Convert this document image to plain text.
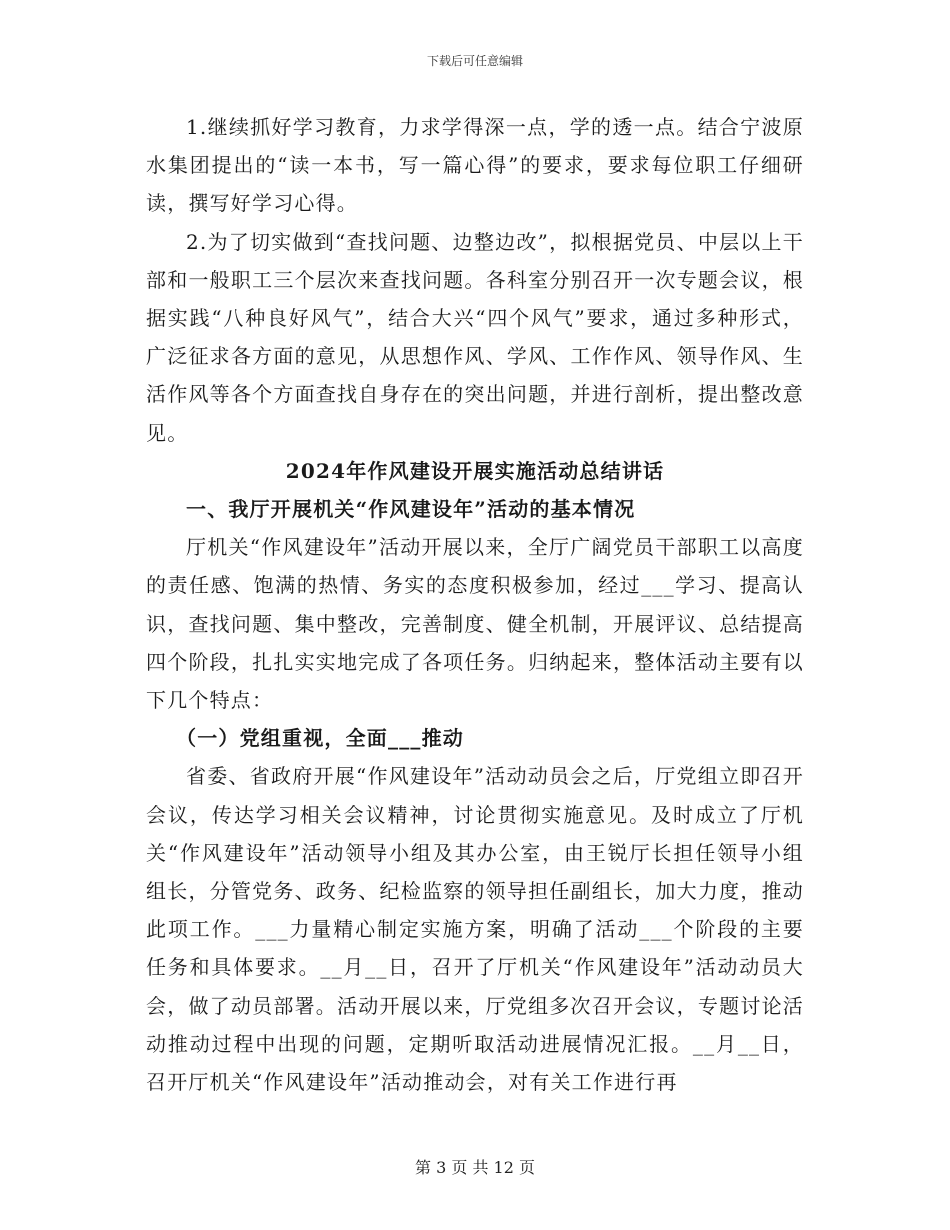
下载后可任意编辑

1.继续抓好学习教育，力求学得深一点，学的透一点。结合宁波原水集团提出的“读一本书，写一篇心得”的要求，要求每位职工仔细研读，撰写好学习心得。

2.为了切实做到“查找问题、边整边改”，拟根据党员、中层以上干部和一般职工三个层次来查找问题。各科室分别召开一次专题会议，根据实践“八种良好风气”，结合大兴“四个风气”要求，通过多种形式，广泛征求各方面的意见，从思想作风、学风、工作作风、领导作风、生活作风等各个方面查找自身存在的突出问题，并进行剖析，提出整改意见。

2024年作风建设开展实施活动总结讲话

一、我厅开展机关“作风建设年”活动的基本情况

厅机关“作风建设年”活动开展以来，全厅广阔党员干部职工以高度的责任感、饱满的热情、务实的态度积极参加，经过___学习、提高认识，查找问题、集中整改，完善制度、健全机制，开展评议、总结提高四个阶段，扎扎实实地完成了各项任务。归纳起来，整体活动主要有以下几个特点：

（一）党组重视，全面___推动

省委、省政府开展“作风建设年”活动动员会之后，厅党组立即召开会议，传达学习相关会议精神，讨论贯彻实施意见。及时成立了厅机关“作风建设年”活动领导小组及其办公室，由王锐厅长担任领导小组组长，分管党务、政务、纪检监察的领导担任副组长，加大力度，推动此项工作。___力量精心制定实施方案，明确了活动___个阶段的主要任务和具体要求。__月__日，召开了厅机关“作风建设年”活动动员大会，做了动员部署。活动开展以来，厅党组多次召开会议，专题讨论活动推动过程中出现的问题，定期听取活动进展情况汇报。__月__日，召开厅机关“作风建设年”活动推动会，对有关工作进行再

第 3 页 共 12 页
